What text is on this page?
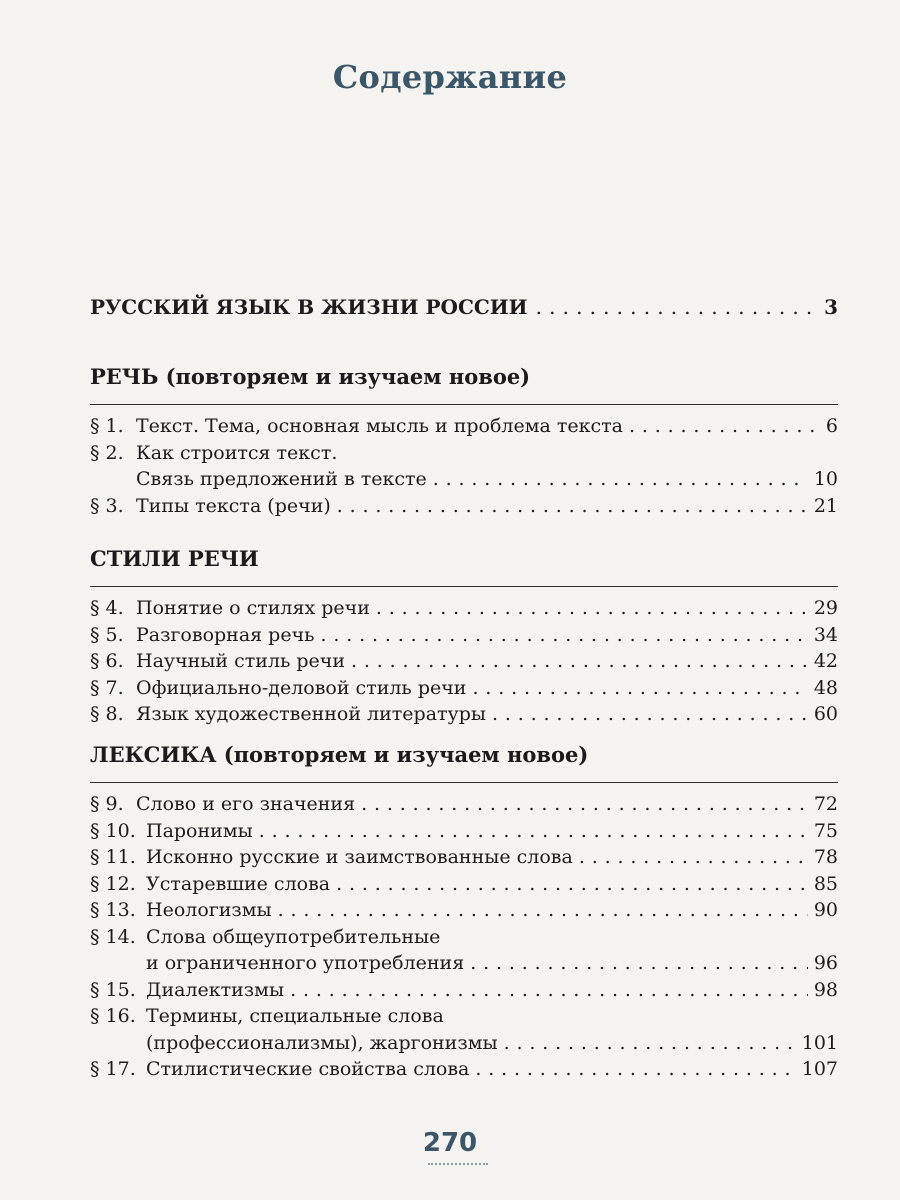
Содержание
РУССКИЙ ЯЗЫК В ЖИЗНИ РОССИИ . . .	3
РЕЧЬ (повторяем и изучаем новое)
§ 1. Текст. Тема, основная мысль и проблема текста . . .	6
§ 2. Как строится текст.
Связь предложений в тексте . . .	10
§ 3. Типы текста (речи) . . .	21
СТИЛИ РЕЧИ
§ 4. Понятие о стилях речи . . .	29
§ 5. Разговорная речь . . .	34
§ 6. Научный стиль речи . . .	42
§ 7. Официально-деловой стиль речи . . .	48
§ 8. Язык художественной литературы . . .	60
ЛЕКСИКА (повторяем и изучаем новое)
§ 9. Слово и его значения . . .	72
§ 10. Паронимы . . .	75
§ 11. Исконно русские и заимствованные слова . . .	78
§ 12. Устаревшие слова . . .	85
§ 13. Неологизмы . . .	90
§ 14. Слова общеупотребительные
и ограниченного употребления . . .	96
§ 15. Диалектизмы . . .	98
§ 16. Термины, специальные слова
(профессионализмы), жаргонизмы . . .	101
§ 17. Стилистические свойства слова . . .	107
270
